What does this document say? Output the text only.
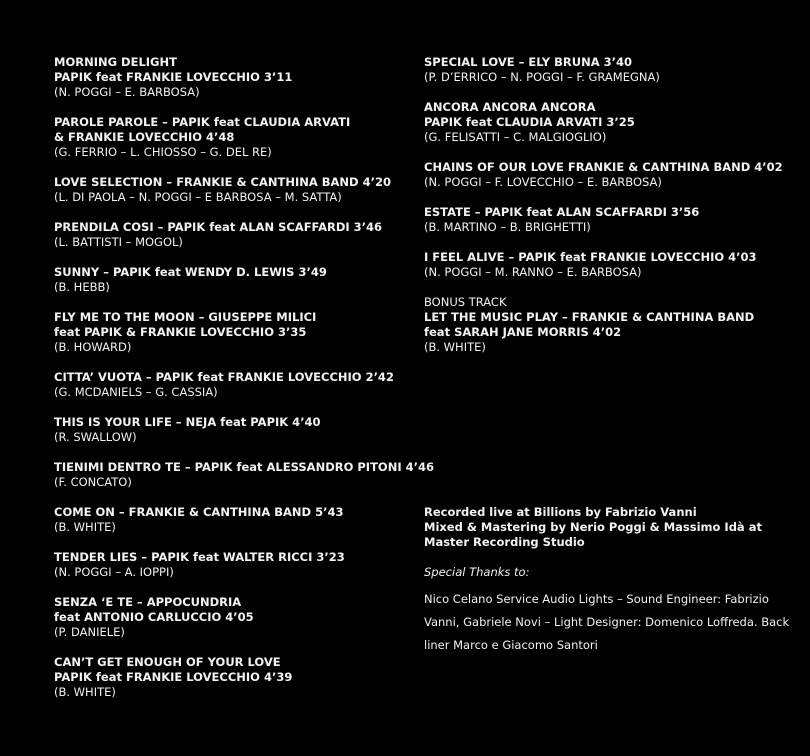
MORNING DELIGHT
PAPIK feat FRANKIE LOVECCHIO 3’11
(N. POGGI – E. BARBOSA)
PAROLE PAROLE – PAPIK feat CLAUDIA ARVATI
& FRANKIE LOVECCHIO 4’48
(G. FERRIO – L. CHIOSSO – G. DEL RE)
LOVE SELECTION – FRANKIE & CANTHINA BAND 4’20
(L. DI PAOLA – N. POGGI – E BARBOSA – M. SATTA)
PRENDILA COSI – PAPIK feat ALAN SCAFFARDI 3’46
(L. BATTISTI – MOGOL)
SUNNY – PAPIK feat WENDY D. LEWIS 3’49
(B. HEBB)
FLY ME TO THE MOON – GIUSEPPE MILICI
feat PAPIK & FRANKIE LOVECCHIO 3’35
(B. HOWARD)
CITTA’ VUOTA – PAPIK feat FRANKIE LOVECCHIO 2’42
(G. MCDANIELS – G. CASSIA)
THIS IS YOUR LIFE – NEJA feat PAPIK 4’40
(R. SWALLOW)
TIENIMI DENTRO TE – PAPIK feat ALESSANDRO PITONI 4’46
(F. CONCATO)
COME ON – FRANKIE & CANTHINA BAND 5’43
(B. WHITE)
TENDER LIES – PAPIK feat WALTER RICCI 3’23
(N. POGGI – A. IOPPI)
SENZA ‘E TE – APPOCUNDRIA
feat ANTONIO CARLUCCIO 4’05
(P. DANIELE)
CAN’T GET ENOUGH OF YOUR LOVE
PAPIK feat FRANKIE LOVECCHIO 4’39
(B. WHITE)
SPECIAL LOVE – ELY BRUNA 3’40
(P. D’ERRICO – N. POGGI – F. GRAMEGNA)
ANCORA ANCORA ANCORA
PAPIK feat CLAUDIA ARVATI 3’25
(G. FELISATTI – C. MALGIOGLIO)
CHAINS OF OUR LOVE FRANKIE & CANTHINA BAND 4’02
(N. POGGI – F. LOVECCHIO – E. BARBOSA)
ESTATE – PAPIK feat ALAN SCAFFARDI 3’56
(B. MARTINO – B. BRIGHETTI)
I FEEL ALIVE – PAPIK feat FRANKIE LOVECCHIO 4’03
(N. POGGI – M. RANNO – E. BARBOSA)
BONUS TRACK
LET THE MUSIC PLAY – FRANKIE & CANTHINA BAND
feat SARAH JANE MORRIS 4’02
(B. WHITE)
Recorded live at Billions by Fabrizio Vanni
Mixed & Mastering by Nerio Poggi & Massimo Idà at Master Recording Studio
Special Thanks to:
Nico Celano Service Audio Lights – Sound Engineer: Fabrizio Vanni, Gabriele Novi – Light Designer: Domenico Loffreda. Back liner Marco e Giacomo Santori
